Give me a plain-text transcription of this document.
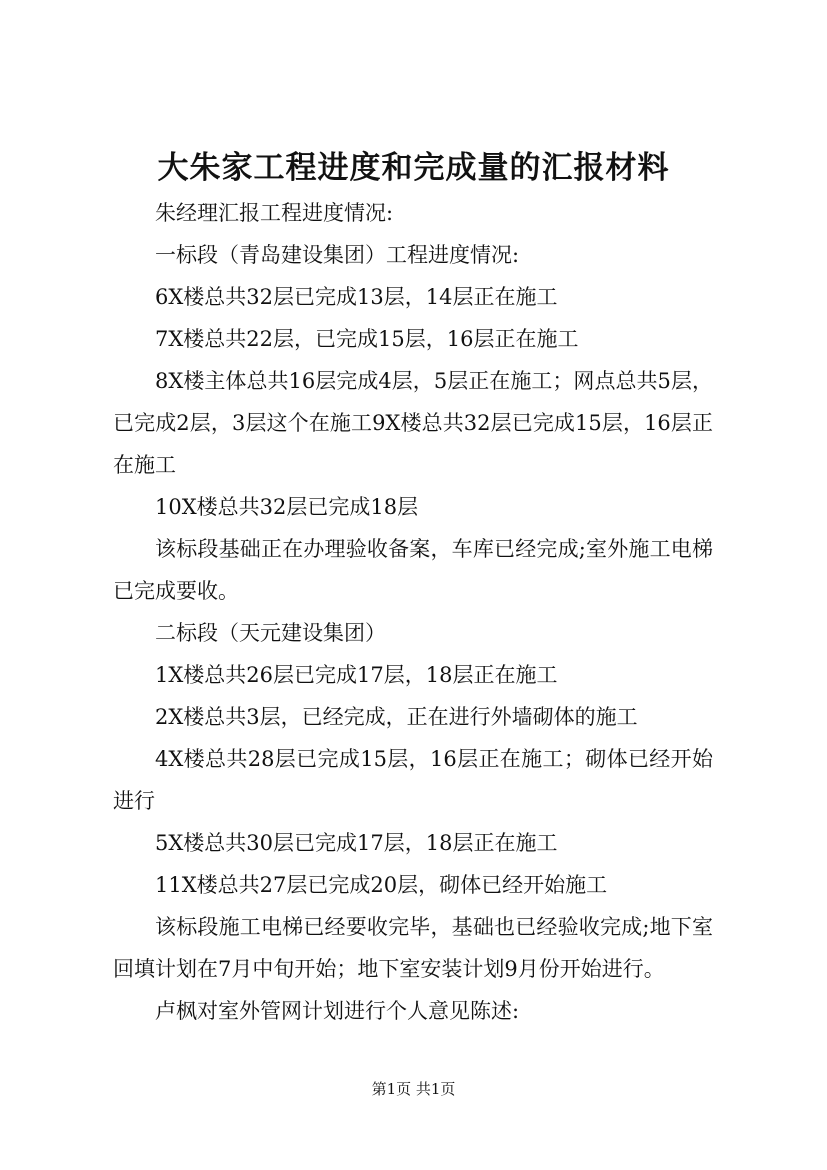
大朱家工程进度和完成量的汇报材料

朱经理汇报工程进度情况:

一标段（青岛建设集团）工程进度情况:

6X楼总共32层已完成13层，14层正在施工

7X楼总共22层，已完成15层，16层正在施工

8X楼主体总共16层完成4层，5层正在施工；网点总共5层，已完成2层，3层这个在施工9X楼总共32层已完成15层，16层正在施工

10X楼总共32层已完成18层

该标段基础正在办理验收备案，车库已经完成;室外施工电梯已完成要收。

二标段（天元建设集团）

1X楼总共26层已完成17层，18层正在施工

2X楼总共3层，已经完成，正在进行外墙砌体的施工

4X楼总共28层已完成15层，16层正在施工；砌体已经开始进行

5X楼总共30层已完成17层，18层正在施工

11X楼总共27层已完成20层，砌体已经开始施工

该标段施工电梯已经要收完毕，基础也已经验收完成;地下室回填计划在7月中旬开始；地下室安装计划9月份开始进行。

卢枫对室外管网计划进行个人意见陈述:

第1页 共1页
